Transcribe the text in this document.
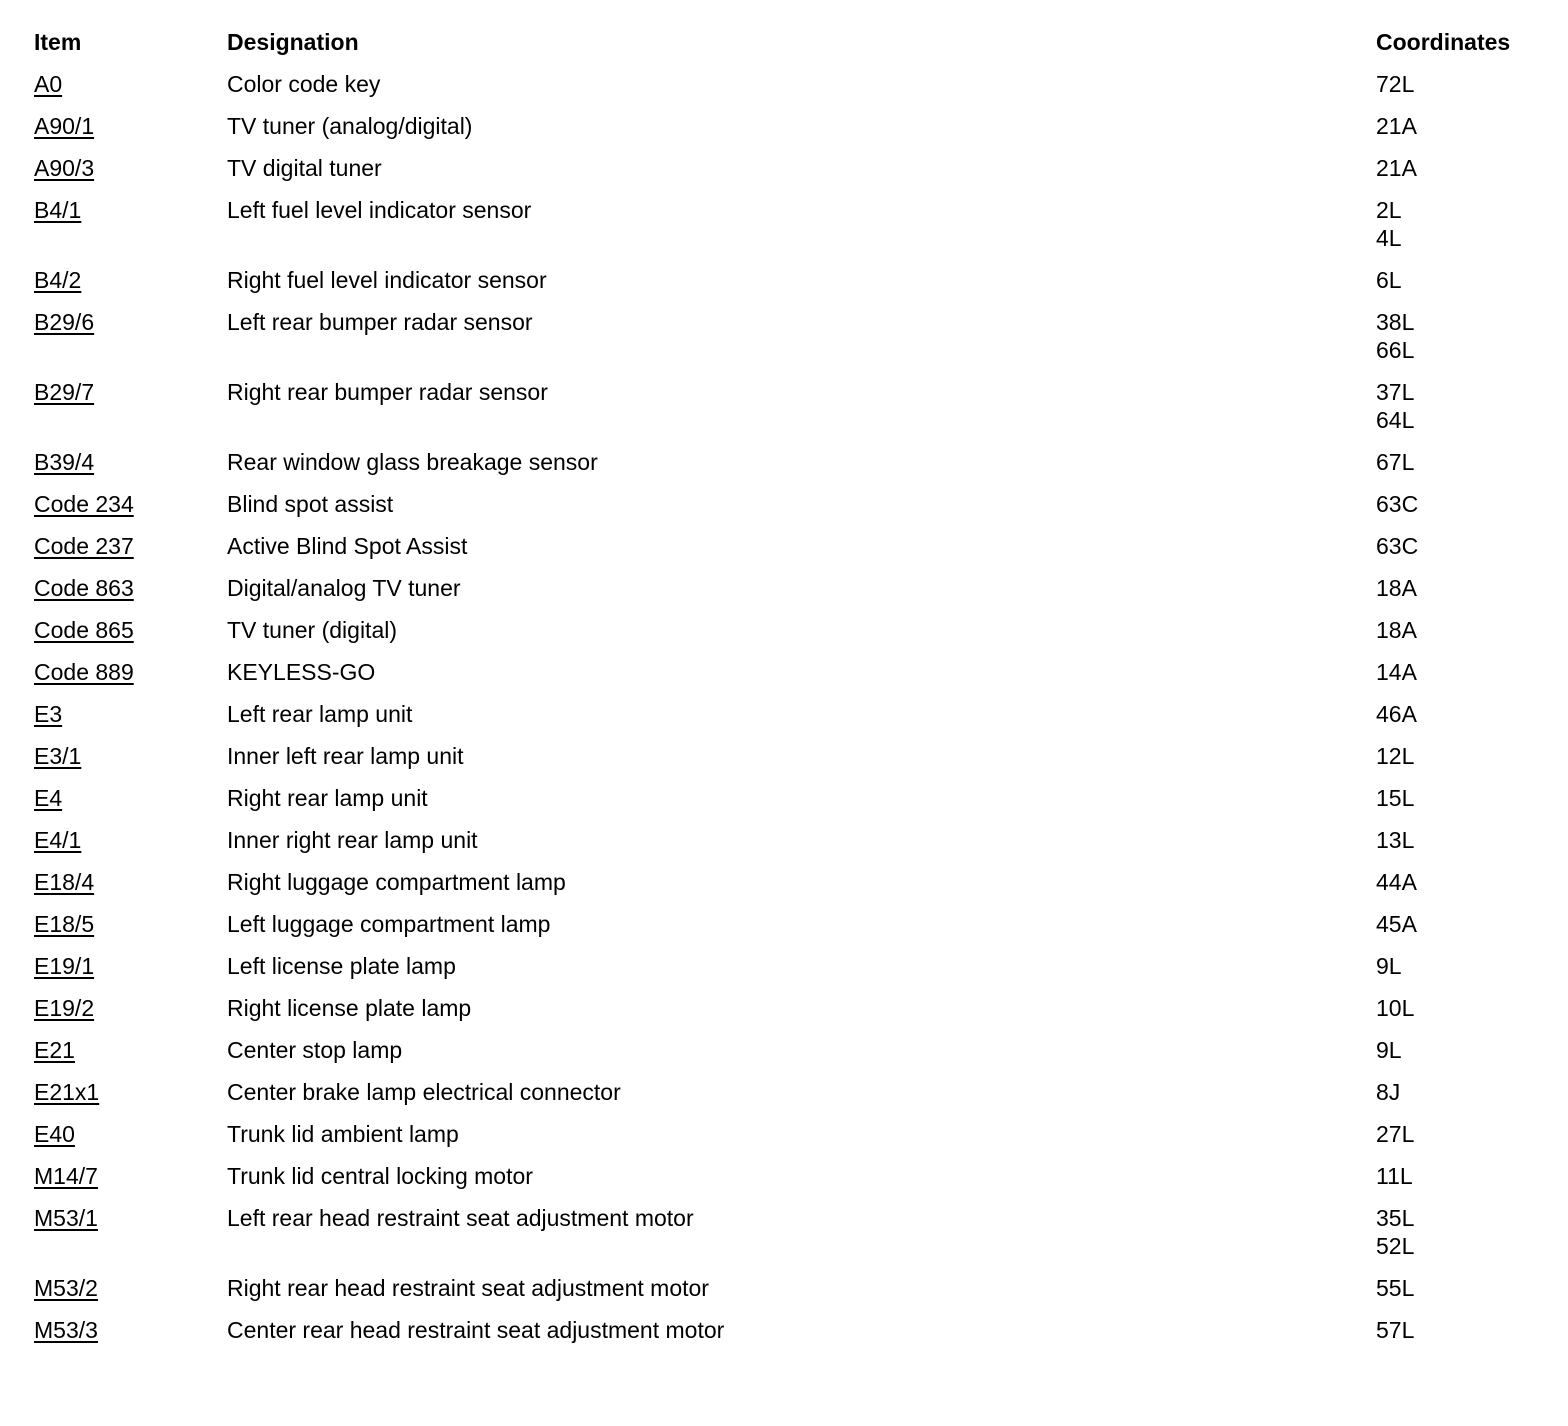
Item	Designation	Coordinates
A0	Color code key	72L
A90/1	TV tuner (analog/digital)	21A
A90/3	TV digital tuner	21A
B4/1	Left fuel level indicator sensor	2L
4L
B4/2	Right fuel level indicator sensor	6L
B29/6	Left rear bumper radar sensor	38L
66L
B29/7	Right rear bumper radar sensor	37L
64L
B39/4	Rear window glass breakage sensor	67L
Code 234	Blind spot assist	63C
Code 237	Active Blind Spot Assist	63C
Code 863	Digital/analog TV tuner	18A
Code 865	TV tuner (digital)	18A
Code 889	KEYLESS-GO	14A
E3	Left rear lamp unit	46A
E3/1	Inner left rear lamp unit	12L
E4	Right rear lamp unit	15L
E4/1	Inner right rear lamp unit	13L
E18/4	Right luggage compartment lamp	44A
E18/5	Left luggage compartment lamp	45A
E19/1	Left license plate lamp	9L
E19/2	Right license plate lamp	10L
E21	Center stop lamp	9L
E21x1	Center brake lamp electrical connector	8J
E40	Trunk lid ambient lamp	27L
M14/7	Trunk lid central locking motor	11L
M53/1	Left rear head restraint seat adjustment motor	35L
52L
M53/2	Right rear head restraint seat adjustment motor	55L
M53/3	Center rear head restraint seat adjustment motor	57L
